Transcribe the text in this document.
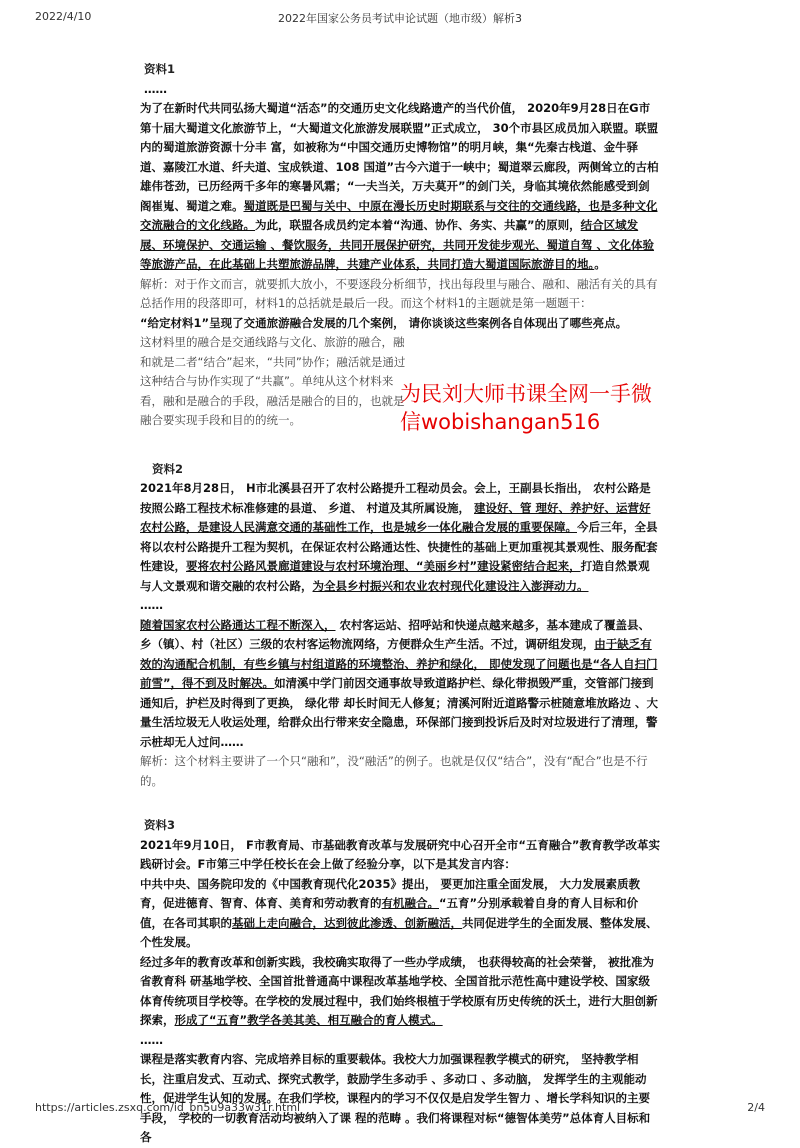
2022/4/10	2022年国家公务员考试申论试题（地市级）解析3
资料1
……

为了在新时代共同弘扬大蜀道“活态”的交通历史文化线路遗产的当代价值， 2020年9月28日在G市第十届大蜀道文化旅游节上，“大蜀道文化旅游发展联盟”正式成立， 30个市县区成员加入联盟。联盟内的蜀道旅游资源十分丰 富，如被称为“中国交通历史博物馆”的明月峡，集“先秦古栈道、金牛驿道、嘉陵江水道、纤夫道、宝成铁道、108 国道”古今六道于一峡中；蜀道翠云廊段，两侧耸立的古柏雄伟苍劲，已历经两千多年的寒暑风霜；“一夫当关，万夫莫开”的剑门关，身临其境依然能感受到剑阁崔嵬、蜀道之难。蜀道既是巴蜀与关中、中原在漫长历史时期联系与交往的交通线路，也是多种文化交流融合的文化线路。为此，联盟各成员约定本着“沟通、协作、务实、共赢”的原则，结合区域发展、环境保护、交通运输 、餐饮服务，共同开展保护研究，共同开发徒步观光、蜀道自驾 、文化体验等旅游产品，在此基础上共塑旅游品牌，共建产业体系，共同打造大蜀道国际旅游目的地。。

解析：对于作文而言，就要抓大放小，不要逐段分析细节，找出每段里与融合、融和、融活有关的具有总括作用的段落即可，材料1的总括就是最后一段。而这个材料1的主题就是第一题题干：

“给定材料1”呈现了交通旅游融合发展的几个案例， 请你谈谈这些案例各自体现出了哪些亮点。

这材料里的融合是交通线路与文化、旅游的融合，融和就是二者“结合”起来，“共同”协作；融活就是通过这种结合与协作实现了“共赢”。单纯从这个材料来看，融和是融合的手段，融活是融合的目的，也就是融合要实现手段和目的的统一。

资料2

2021年8月28日， H市北溪县召开了农村公路提升工程动员会。会上，王副县长指出， 农村公路是按照公路工程技术标准修建的县道、 乡道、 村道及其所属设施， 建设好、管 理好、养护好、运营好农村公路，是建设人民满意交通的基础性工作，也是城乡一体化融合发展的重要保障。今后三年，全县将以农村公路提升工程为契机，在保证农村公路通达性、快捷性的基础上更加重视其景观性、服务配套 性建设，要将农村公路风景廊道建设与农村环境治理、“美丽乡村”建设紧密结合起来，打造自然景观与人文景观和谐交融的农村公路，为全县乡村振兴和农业农村现代化建设注入澎湃动力。

……

随着国家农村公路通达工程不断深入， 农村客运站、招呼站和快递点越来越多，基本建成了覆盖县、乡（镇）、村（社区）三级的农村客运物流网络，方便群众生产生活。不过，调研组发现，由于缺乏有效的沟通配合机制，有些乡镇与村组道路的环境整治、养护和绿化， 即使发现了问题也是“各人自扫门前雪”，得不到及时解决。如清溪中学门前因交通事故导致道路护栏、绿化带损毁严重，交管部门接到通知后，护栏及时得到了更换， 绿化带 却长时间无人修复；清溪河附近道路警示桩随意堆放路边 、大量生活垃圾无人收运处理，给群众出行带来安全隐患，环保部门接到投诉后及时对垃圾进行了清理，警示桩却无人过问……

解析：这个材料主要讲了一个只“融和”，没“融活”的例子。也就是仅仅“结合”，没有“配合”也是不行的。

资料3

2021年9月10日， F市教育局、市基础教育改革与发展研究中心召开全市“五育融合”教育教学改革实践研讨会。F市第三中学任校长在会上做了经验分享，以下是其发言内容：

中共中央、国务院印发的《中国教育现代化2035》提出， 要更加注重全面发展， 大力发展素质教育，促进德育、智育、体育、美育和劳动教育的有机融合。“五育”分别承载着自身的育人目标和价值，在各司其职的基础上走向融合，达到彼此渗透、创新融活，共同促进学生的全面发展、整体发展、个性发展。

经过多年的教育改革和创新实践，我校确实取得了一些办学成绩， 也获得较高的社会荣誉， 被批准为省教育科 研基地学校、全国首批普通高中课程改革基地学校、全国首批示范性高中建设学校、国家级体育传统项目学校等。在学校的发展过程中，我们始终根植于学校原有历史传统的沃土，进行大胆创新探索，形成了“五育”教学各美其美、相互融合的育人模式。

……

课程是落实教育内容、完成培养目标的重要载体。我校大力加强课程教学模式的研究， 坚持教学相长，注重启发式、互动式、探究式教学，鼓励学生多动手 、多动口 、多动脑， 发挥学生的主观能动性，促进学生认知的发展。在我们学校，课程内的学习不仅仅是启发学生智力 、增长学科知识的主要手段， 学校的一切教育活动均被纳入了课 程的范畴 。我们将课程对标“德智体美劳”总体育人目标和各

为民刘大师书课全网一手微
信wobishangan516
https://articles.zsxq.com/id_bn5u9a33w31r.html	2/4
